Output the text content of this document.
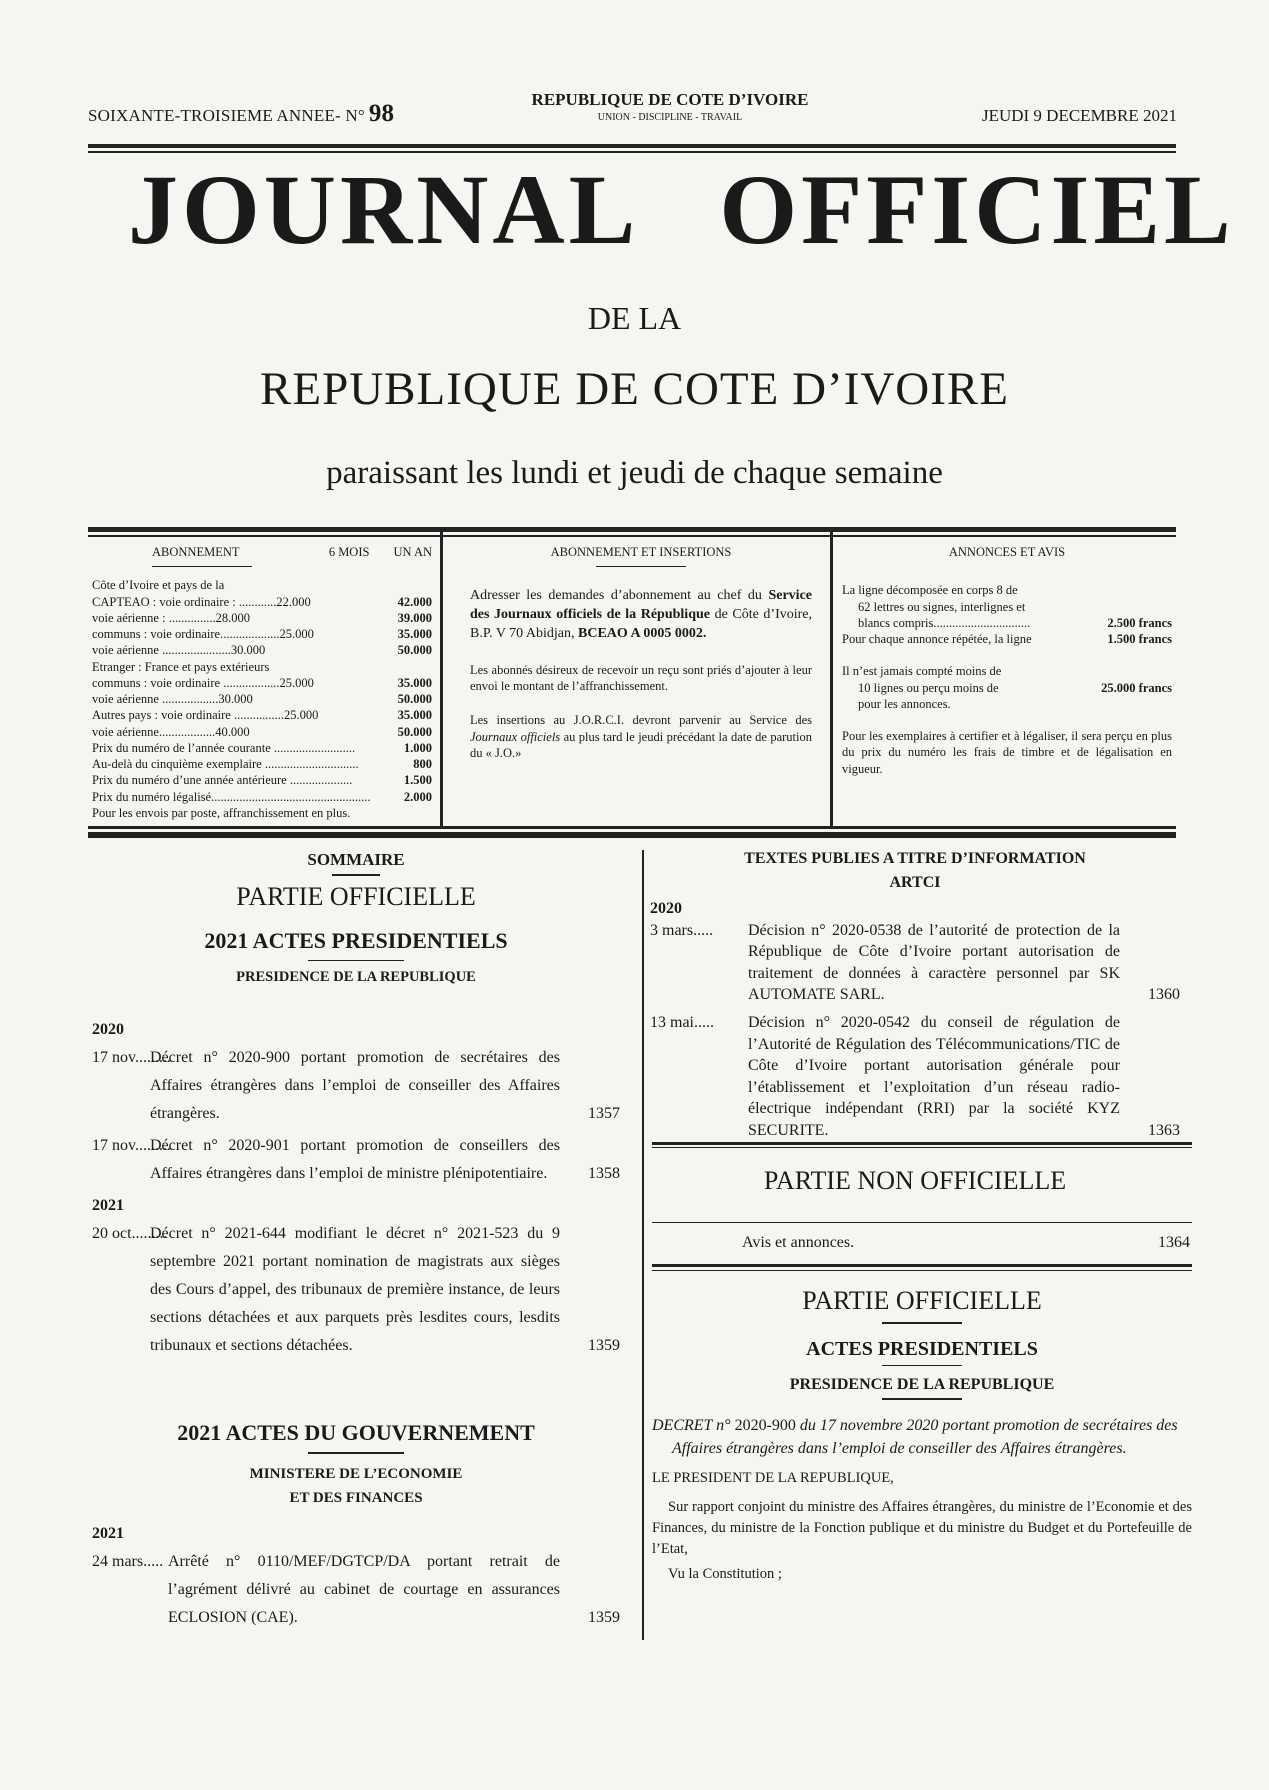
SOIXANTE-TROISIEME ANNEE- N° 98
REPUBLIQUE DE COTE D’IVOIRE
UNION - DISCIPLINE - TRAVAIL	JEUDI 9 DECEMBRE 2021
JOURNAL OFFICIEL
DE LA
REPUBLIQUE DE COTE D’IVOIRE
paraissant les lundi et jeudi de chaque semaine
ABONNEMENT	6 MOIS UN AN
Côte d’Ivoire et pays de la
CAPTEAO : voie ordinaire : ............22.000	42.000
voie aérienne : ...............28.000	39.000
communs : voie ordinaire...................25.000	35.000
voie aérienne ......................30.000	50.000
Etranger : France et pays extérieurs
communs : voie ordinaire ..................25.000	35.000
voie aérienne ..................30.000	50.000
Autres pays : voie ordinaire ................25.000	35.000
voie aérienne..................40.000	50.000
Prix du numéro de l’année courante ..........................	1.000
Au-delà du cinquième exemplaire ..............................	800
Prix du numéro d’une année antérieure ....................	1.500
Prix du numéro légalisé...................................................	2.000
Pour les envois par poste, affranchissement en plus.
ABONNEMENT ET INSERTIONS
Adresser les demandes d’abonnement au chef du Service des Journaux officiels de la République de Côte d’Ivoire, B.P. V 70 Abidjan, BCEAO A 0005 0002.
Les abonnés désireux de recevoir un reçu sont priés d’ajouter à leur envoi le montant de l’affranchissement.
Les insertions au J.O.R.C.I. devront parvenir au Service des Journaux officiels au plus tard le jeudi précédant la date de parution du « J.O.»
ANNONCES ET AVIS
La ligne décomposée en corps 8 de
62 lettres ou signes, interlignes et
blancs compris...............................	2.500 francs
Pour chaque annonce répétée, la ligne	1.500 francs
Il n’est jamais compté moins de
10 lignes ou perçu moins de	25.000 francs
pour les annonces.
Pour les exemplaires à certifier et à légaliser, il sera perçu en plus du prix du numéro les frais de timbre et de légalisation en vigueur.
SOMMAIRE
PARTIE OFFICIELLE
2021 ACTES PRESIDENTIELS
PRESIDENCE DE LA REPUBLIQUE
2020
17 nov.........
Décret n° 2020-900 portant promotion de secrétaires des Affaires étrangères dans l’emploi de conseiller des Affaires étrangères.	1357
17 nov.........
Décret n° 2020-901 portant promotion de conseillers des Affaires étrangères dans l’emploi de ministre plénipotentiaire.	1358
2021
20 oct.........
Décret n° 2021-644 modifiant le décret n° 2021-523 du 9 septembre 2021 portant nomination de magistrats aux sièges des Cours d’appel, des tribunaux de première instance, de leurs sections détachées et aux parquets près lesdites cours, lesdits tribunaux et sections détachées.	1359
2021 ACTES DU GOUVERNEMENT
MINISTERE DE L’ECONOMIE
ET DES FINANCES
2021
24 mars..... Arrêté n° 0110/MEF/DGTCP/DA portant retrait de l’agrément délivré au cabinet de courtage en assurances ECLOSION (CAE).	1359
TEXTES PUBLIES A TITRE D’INFORMATION
ARTCI
2020
3 mars.....	Décision n° 2020-0538 de l’autorité de protection de la République de Côte d’Ivoire portant autorisation de traitement de données à caractère personnel par SK AUTOMATE SARL.	1360
13 mai.....	Décision n° 2020-0542 du conseil de régulation de l’Autorité de Régulation des Télécommunications/TIC de Côte d’Ivoire portant autorisation générale pour l’établissement et l’exploitation d’un réseau radio-électrique indépendant (RRI) par la société KYZ SECURITE.	1363
PARTIE NON OFFICIELLE
Avis et annonces.	1364
PARTIE OFFICIELLE
ACTES PRESIDENTIELS
PRESIDENCE DE LA REPUBLIQUE
DECRET n° 2020-900 du 17 novembre 2020 portant promotion de secrétaires des Affaires étrangères dans l’emploi de conseiller des Affaires étrangères.
LE PRESIDENT DE LA REPUBLIQUE,
Sur rapport conjoint du ministre des Affaires étrangères, du ministre de l’Economie et des Finances, du ministre de la Fonction publique et du ministre du Budget et du Portefeuille de l’Etat,
Vu la Constitution ;
